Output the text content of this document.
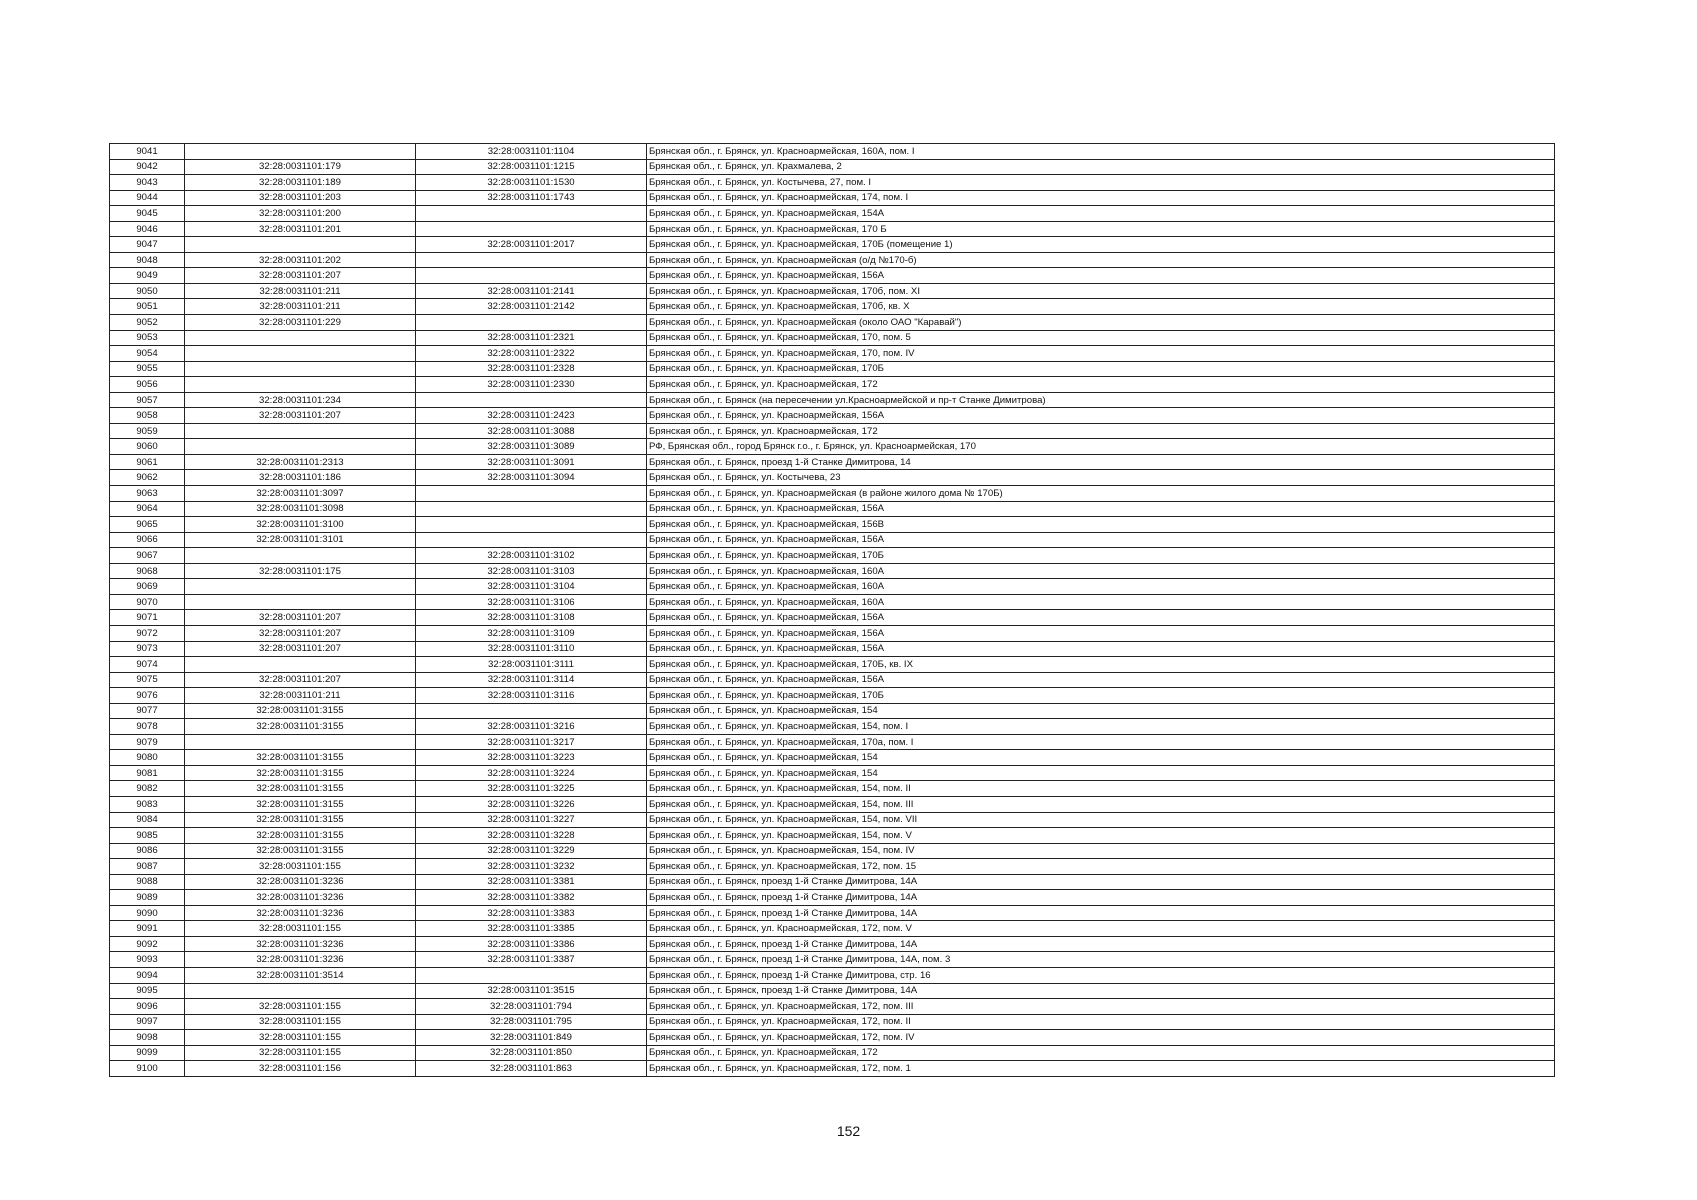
9041		32:28:0031101:1104	Брянская обл., г. Брянск, ул. Красноармейская, 160А, пом. I
9042	32:28:0031101:179	32:28:0031101:1215	Брянская обл., г. Брянск, ул. Крахмалева, 2
9043	32:28:0031101:189	32:28:0031101:1530	Брянская обл., г. Брянск, ул. Костычева, 27, пом. I
9044	32:28:0031101:203	32:28:0031101:1743	Брянская обл., г. Брянск, ул. Красноармейская, 174, пом. I
9045	32:28:0031101:200		Брянская обл., г. Брянск, ул. Красноармейская, 154А
9046	32:28:0031101:201		Брянская обл., г. Брянск, ул. Красноармейская, 170 Б
9047		32:28:0031101:2017	Брянская обл., г. Брянск, ул. Красноармейская, 170Б (помещение 1)
9048	32:28:0031101:202		Брянская обл., г. Брянск, ул. Красноармейская (о/д №170-б)
9049	32:28:0031101:207		Брянская обл., г. Брянск, ул. Красноармейская, 156А
9050	32:28:0031101:211	32:28:0031101:2141	Брянская обл., г. Брянск, ул. Красноармейская, 170б, пом. XI
9051	32:28:0031101:211	32:28:0031101:2142	Брянская обл., г. Брянск, ул. Красноармейская, 170б, кв. X
9052	32:28:0031101:229		Брянская обл., г. Брянск, ул. Красноармейская (около ОАО "Каравай")
9053		32:28:0031101:2321	Брянская обл., г. Брянск, ул. Красноармейская, 170, пом. 5
9054		32:28:0031101:2322	Брянская обл., г. Брянск, ул. Красноармейская, 170, пом. IV
9055		32:28:0031101:2328	Брянская обл., г. Брянск, ул. Красноармейская, 170Б
9056		32:28:0031101:2330	Брянская обл., г. Брянск, ул. Красноармейская, 172
9057	32:28:0031101:234		Брянская обл., г. Брянск (на пересечении ул.Красноармейской и пр-т Станке Димитрова)
9058	32:28:0031101:207	32:28:0031101:2423	Брянская обл., г. Брянск, ул. Красноармейская, 156А
9059		32:28:0031101:3088	Брянская обл., г. Брянск, ул. Красноармейская, 172
9060		32:28:0031101:3089	РФ, Брянская обл., город Брянск г.о., г. Брянск, ул. Красноармейская, 170
9061	32:28:0031101:2313	32:28:0031101:3091	Брянская обл., г. Брянск, проезд 1-й Станке Димитрова, 14
9062	32:28:0031101:186	32:28:0031101:3094	Брянская обл., г. Брянск, ул. Костычева, 23
9063	32:28:0031101:3097		Брянская обл., г. Брянск, ул. Красноармейская (в районе жилого дома № 170Б)
9064	32:28:0031101:3098		Брянская обл., г. Брянск, ул. Красноармейская, 156А
9065	32:28:0031101:3100		Брянская обл., г. Брянск, ул. Красноармейская, 156В
9066	32:28:0031101:3101		Брянская обл., г. Брянск, ул. Красноармейская, 156А
9067		32:28:0031101:3102	Брянская обл., г. Брянск, ул. Красноармейская, 170Б
9068	32:28:0031101:175	32:28:0031101:3103	Брянская обл., г. Брянск, ул. Красноармейская, 160А
9069		32:28:0031101:3104	Брянская обл., г. Брянск, ул. Красноармейская, 160А
9070		32:28:0031101:3106	Брянская обл., г. Брянск, ул. Красноармейская, 160А
9071	32:28:0031101:207	32:28:0031101:3108	Брянская обл., г. Брянск, ул. Красноармейская, 156А
9072	32:28:0031101:207	32:28:0031101:3109	Брянская обл., г. Брянск, ул. Красноармейская, 156А
9073	32:28:0031101:207	32:28:0031101:3110	Брянская обл., г. Брянск, ул. Красноармейская, 156А
9074		32:28:0031101:3111	Брянская обл., г. Брянск, ул. Красноармейская, 170Б, кв. IX
9075	32:28:0031101:207	32:28:0031101:3114	Брянская обл., г. Брянск, ул. Красноармейская, 156А
9076	32:28:0031101:211	32:28:0031101:3116	Брянская обл., г. Брянск, ул. Красноармейская, 170Б
9077	32:28:0031101:3155		Брянская обл., г. Брянск, ул. Красноармейская, 154
9078	32:28:0031101:3155	32:28:0031101:3216	Брянская обл., г. Брянск, ул. Красноармейская, 154, пом. I
9079		32:28:0031101:3217	Брянская обл., г. Брянск, ул. Красноармейская, 170а, пом. I
9080	32:28:0031101:3155	32:28:0031101:3223	Брянская обл., г. Брянск, ул. Красноармейская, 154
9081	32:28:0031101:3155	32:28:0031101:3224	Брянская обл., г. Брянск, ул. Красноармейская, 154
9082	32:28:0031101:3155	32:28:0031101:3225	Брянская обл., г. Брянск, ул. Красноармейская, 154, пом. II
9083	32:28:0031101:3155	32:28:0031101:3226	Брянская обл., г. Брянск, ул. Красноармейская, 154, пом. III
9084	32:28:0031101:3155	32:28:0031101:3227	Брянская обл., г. Брянск, ул. Красноармейская, 154, пом. VII
9085	32:28:0031101:3155	32:28:0031101:3228	Брянская обл., г. Брянск, ул. Красноармейская, 154, пом. V
9086	32:28:0031101:3155	32:28:0031101:3229	Брянская обл., г. Брянск, ул. Красноармейская, 154, пом. IV
9087	32:28:0031101:155	32:28:0031101:3232	Брянская обл., г. Брянск, ул. Красноармейская, 172, пом. 15
9088	32:28:0031101:3236	32:28:0031101:3381	Брянская обл., г. Брянск, проезд 1-й Станке Димитрова, 14А
9089	32:28:0031101:3236	32:28:0031101:3382	Брянская обл., г. Брянск, проезд 1-й Станке Димитрова, 14А
9090	32:28:0031101:3236	32:28:0031101:3383	Брянская обл., г. Брянск, проезд 1-й Станке Димитрова, 14А
9091	32:28:0031101:155	32:28:0031101:3385	Брянская обл., г. Брянск, ул. Красноармейская, 172, пом. V
9092	32:28:0031101:3236	32:28:0031101:3386	Брянская обл., г. Брянск, проезд 1-й Станке Димитрова, 14А
9093	32:28:0031101:3236	32:28:0031101:3387	Брянская обл., г. Брянск, проезд 1-й Станке Димитрова, 14А, пом. 3
9094	32:28:0031101:3514		Брянская обл., г. Брянск, проезд 1-й Станке Димитрова, стр. 16
9095		32:28:0031101:3515	Брянская обл., г. Брянск, проезд 1-й Станке Димитрова, 14А
9096	32:28:0031101:155	32:28:0031101:794	Брянская обл., г. Брянск, ул. Красноармейская, 172, пом. III
9097	32:28:0031101:155	32:28:0031101:795	Брянская обл., г. Брянск, ул. Красноармейская, 172, пом. II
9098	32:28:0031101:155	32:28:0031101:849	Брянская обл., г. Брянск, ул. Красноармейская, 172, пом. IV
9099	32:28:0031101:155	32:28:0031101:850	Брянская обл., г. Брянск, ул. Красноармейская, 172
9100	32:28:0031101:156	32:28:0031101:863	Брянская обл., г. Брянск, ул. Красноармейская, 172, пом. 1
152
